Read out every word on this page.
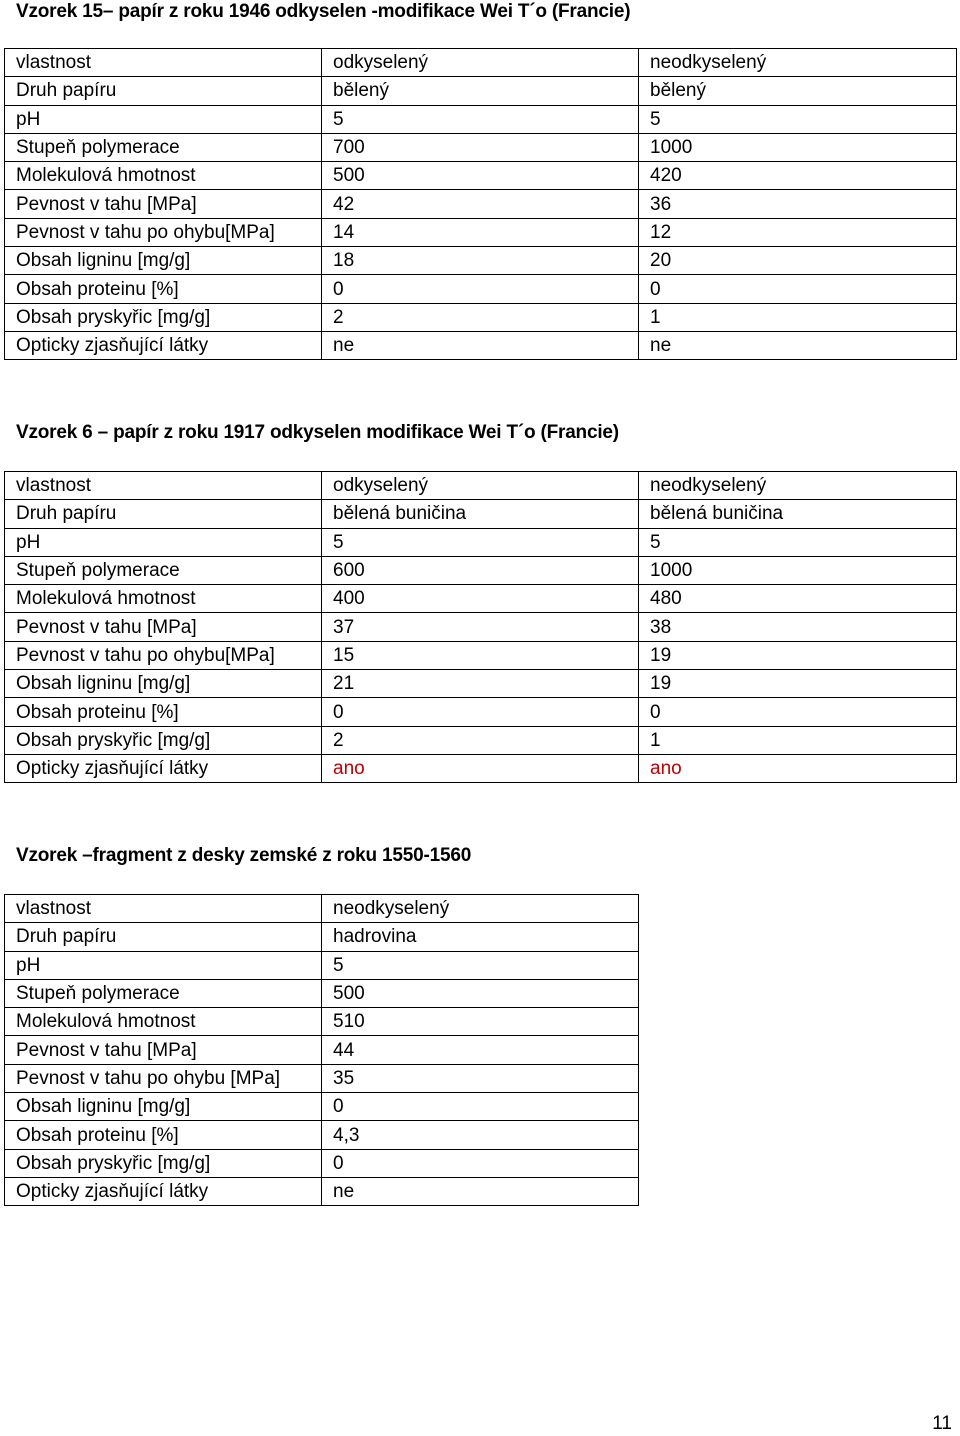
Vzorek 15– papír z roku 1946 odkyselen -modifikace Wei T´o (Francie)
vlastnost	odkyselený	neodkyselený
Druh papíru	bělený	bělený
pH	5	5
Stupeň polymerace	700	1000
Molekulová hmotnost	500	420
Pevnost v tahu [MPa]	42	36
Pevnost v tahu po ohybu[MPa]	14	12
Obsah ligninu [mg/g]	18	20
Obsah proteinu [%]	0	0
Obsah pryskyřic [mg/g]	2	1
Opticky zjasňující látky	ne	ne
Vzorek 6 – papír z roku 1917 odkyselen modifikace Wei T´o (Francie)
vlastnost	odkyselený	neodkyselený
Druh papíru	bělená buničina	bělená buničina
pH	5	5
Stupeň polymerace	600	1000
Molekulová hmotnost	400	480
Pevnost v tahu [MPa]	37	38
Pevnost v tahu po ohybu[MPa]	15	19
Obsah ligninu [mg/g]	21	19
Obsah proteinu [%]	0	0
Obsah pryskyřic [mg/g]	2	1
Opticky zjasňující látky	ano	ano
Vzorek –fragment z desky zemské z roku 1550-1560
vlastnost	neodkyselený
Druh papíru	hadrovina
pH	5
Stupeň polymerace	500
Molekulová hmotnost	510
Pevnost v tahu [MPa]	44
Pevnost v tahu po ohybu [MPa]	35
Obsah ligninu [mg/g]	0
Obsah proteinu [%]	4,3
Obsah pryskyřic [mg/g]	0
Opticky zjasňující látky	ne
11
